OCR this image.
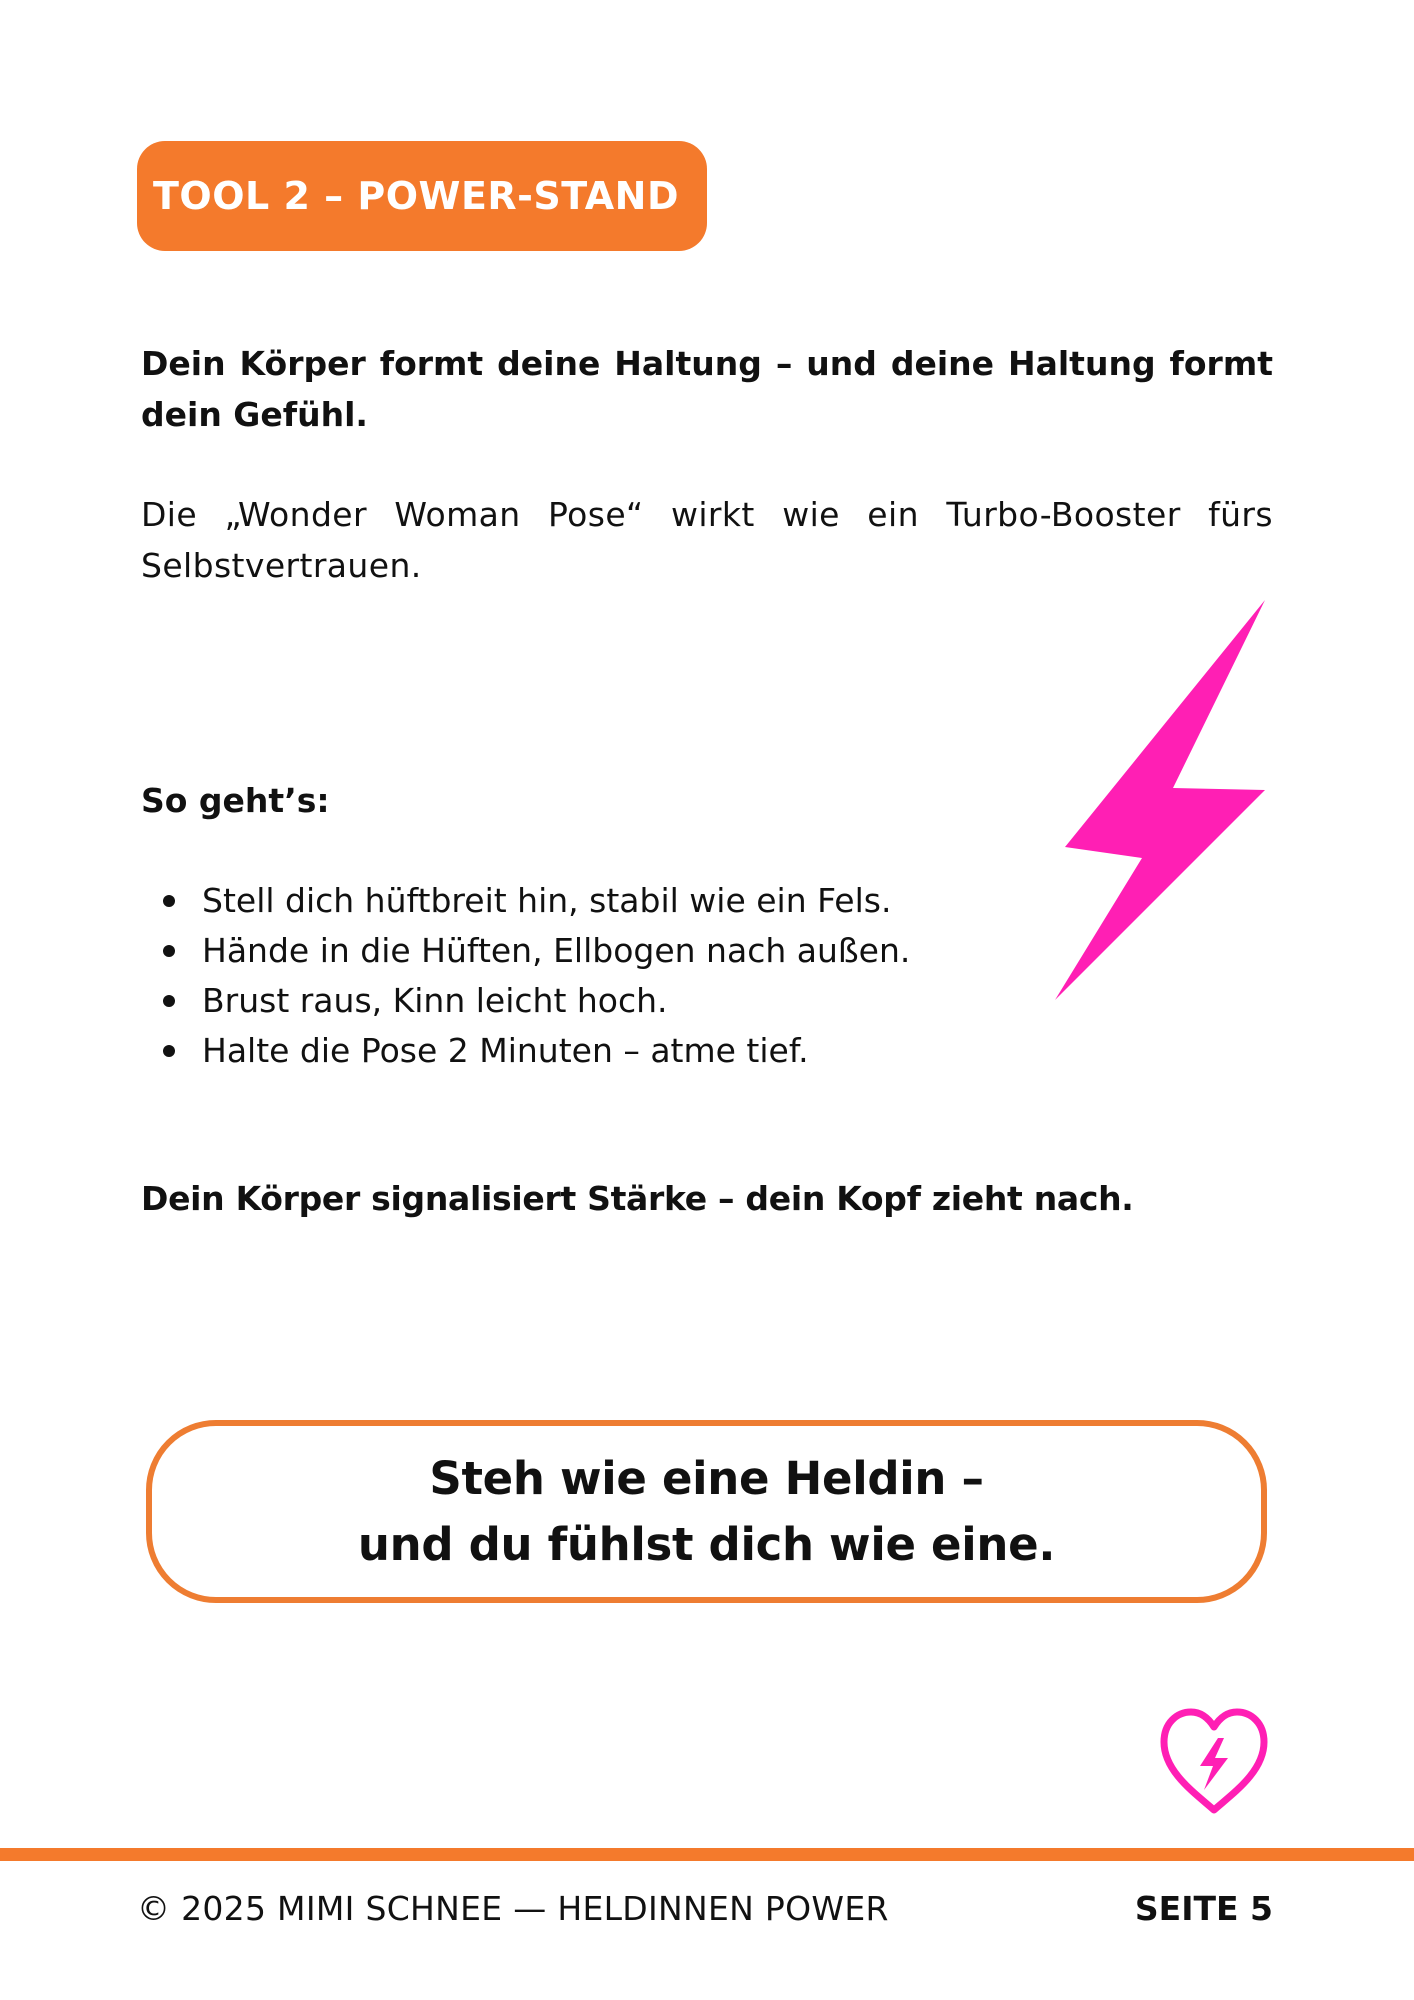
TOOL 2 – POWER-STAND
Dein Körper formt deine Haltung – und deine Haltung formt dein Gefühl.
Die „Wonder Woman Pose“ wirkt wie ein Turbo-Booster fürs Selbstvertrauen.
So geht’s:
Stell dich hüftbreit hin, stabil wie ein Fels.
Hände in die Hüften, Ellbogen nach außen.
Brust raus, Kinn leicht hoch.
Halte die Pose 2 Minuten – atme tief.
Dein Körper signalisiert Stärke – dein Kopf zieht nach.
Steh wie eine Heldin –
und du fühlst dich wie eine.
© 2025 MIMI SCHNEE — HELDINNEN POWER	SEITE 5
